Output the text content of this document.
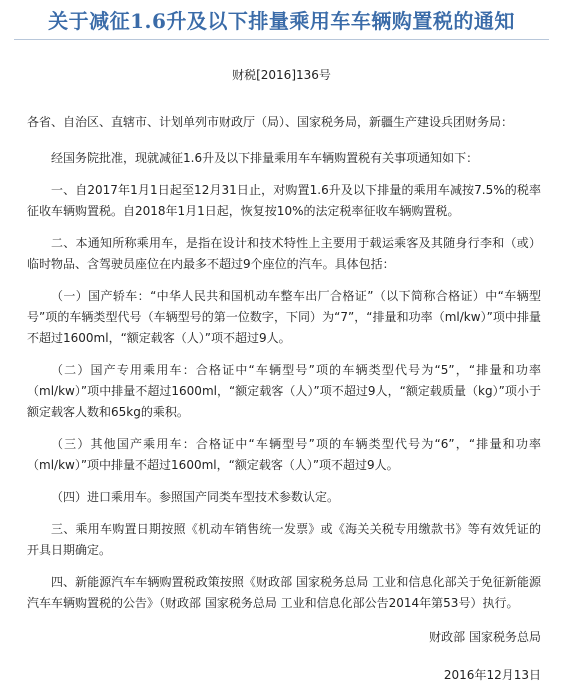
关于减征1.6升及以下排量乘用车车辆购置税的通知
财税[2016]136号

各省、自治区、直辖市、计划单列市财政厅（局）、国家税务局，新疆生产建设兵团财务局：

经国务院批准，现就减征1.6升及以下排量乘用车车辆购置税有关事项通知如下：

一、自2017年1月1日起至12月31日止，对购置1.6升及以下排量的乘用车减按7.5%的税率征收车辆购置税。自2018年1月1日起，恢复按10%的法定税率征收车辆购置税。

二、本通知所称乘用车，是指在设计和技术特性上主要用于载运乘客及其随身行李和（或）临时物品、含驾驶员座位在内最多不超过9个座位的汽车。具体包括：

（一）国产轿车：“中华人民共和国机动车整车出厂合格证”（以下简称合格证）中“车辆型号”项的车辆类型代号（车辆型号的第一位数字，下同）为“7”，“排量和功率（ml/kw）”项中排量不超过1600ml，“额定载客（人）”项不超过9人。

（二）国产专用乘用车：合格证中“车辆型号”项的车辆类型代号为“5”，“排量和功率（ml/kw）”项中排量不超过1600ml，“额定载客（人）”项不超过9人，“额定载质量（kg）”项小于额定载客人数和65kg的乘积。

（三）其他国产乘用车：合格证中“车辆型号”项的车辆类型代号为“6”，“排量和功率（ml/kw）”项中排量不超过1600ml，“额定载客（人）”项不超过9人。

（四）进口乘用车。参照国产同类车型技术参数认定。

三、乘用车购置日期按照《机动车销售统一发票》或《海关关税专用缴款书》等有效凭证的开具日期确定。

四、新能源汽车车辆购置税政策按照《财政部 国家税务总局 工业和信息化部关于免征新能源汽车车辆购置税的公告》（财政部 国家税务总局 工业和信息化部公告2014年第53号）执行。

财政部 国家税务总局
2016年12月13日
